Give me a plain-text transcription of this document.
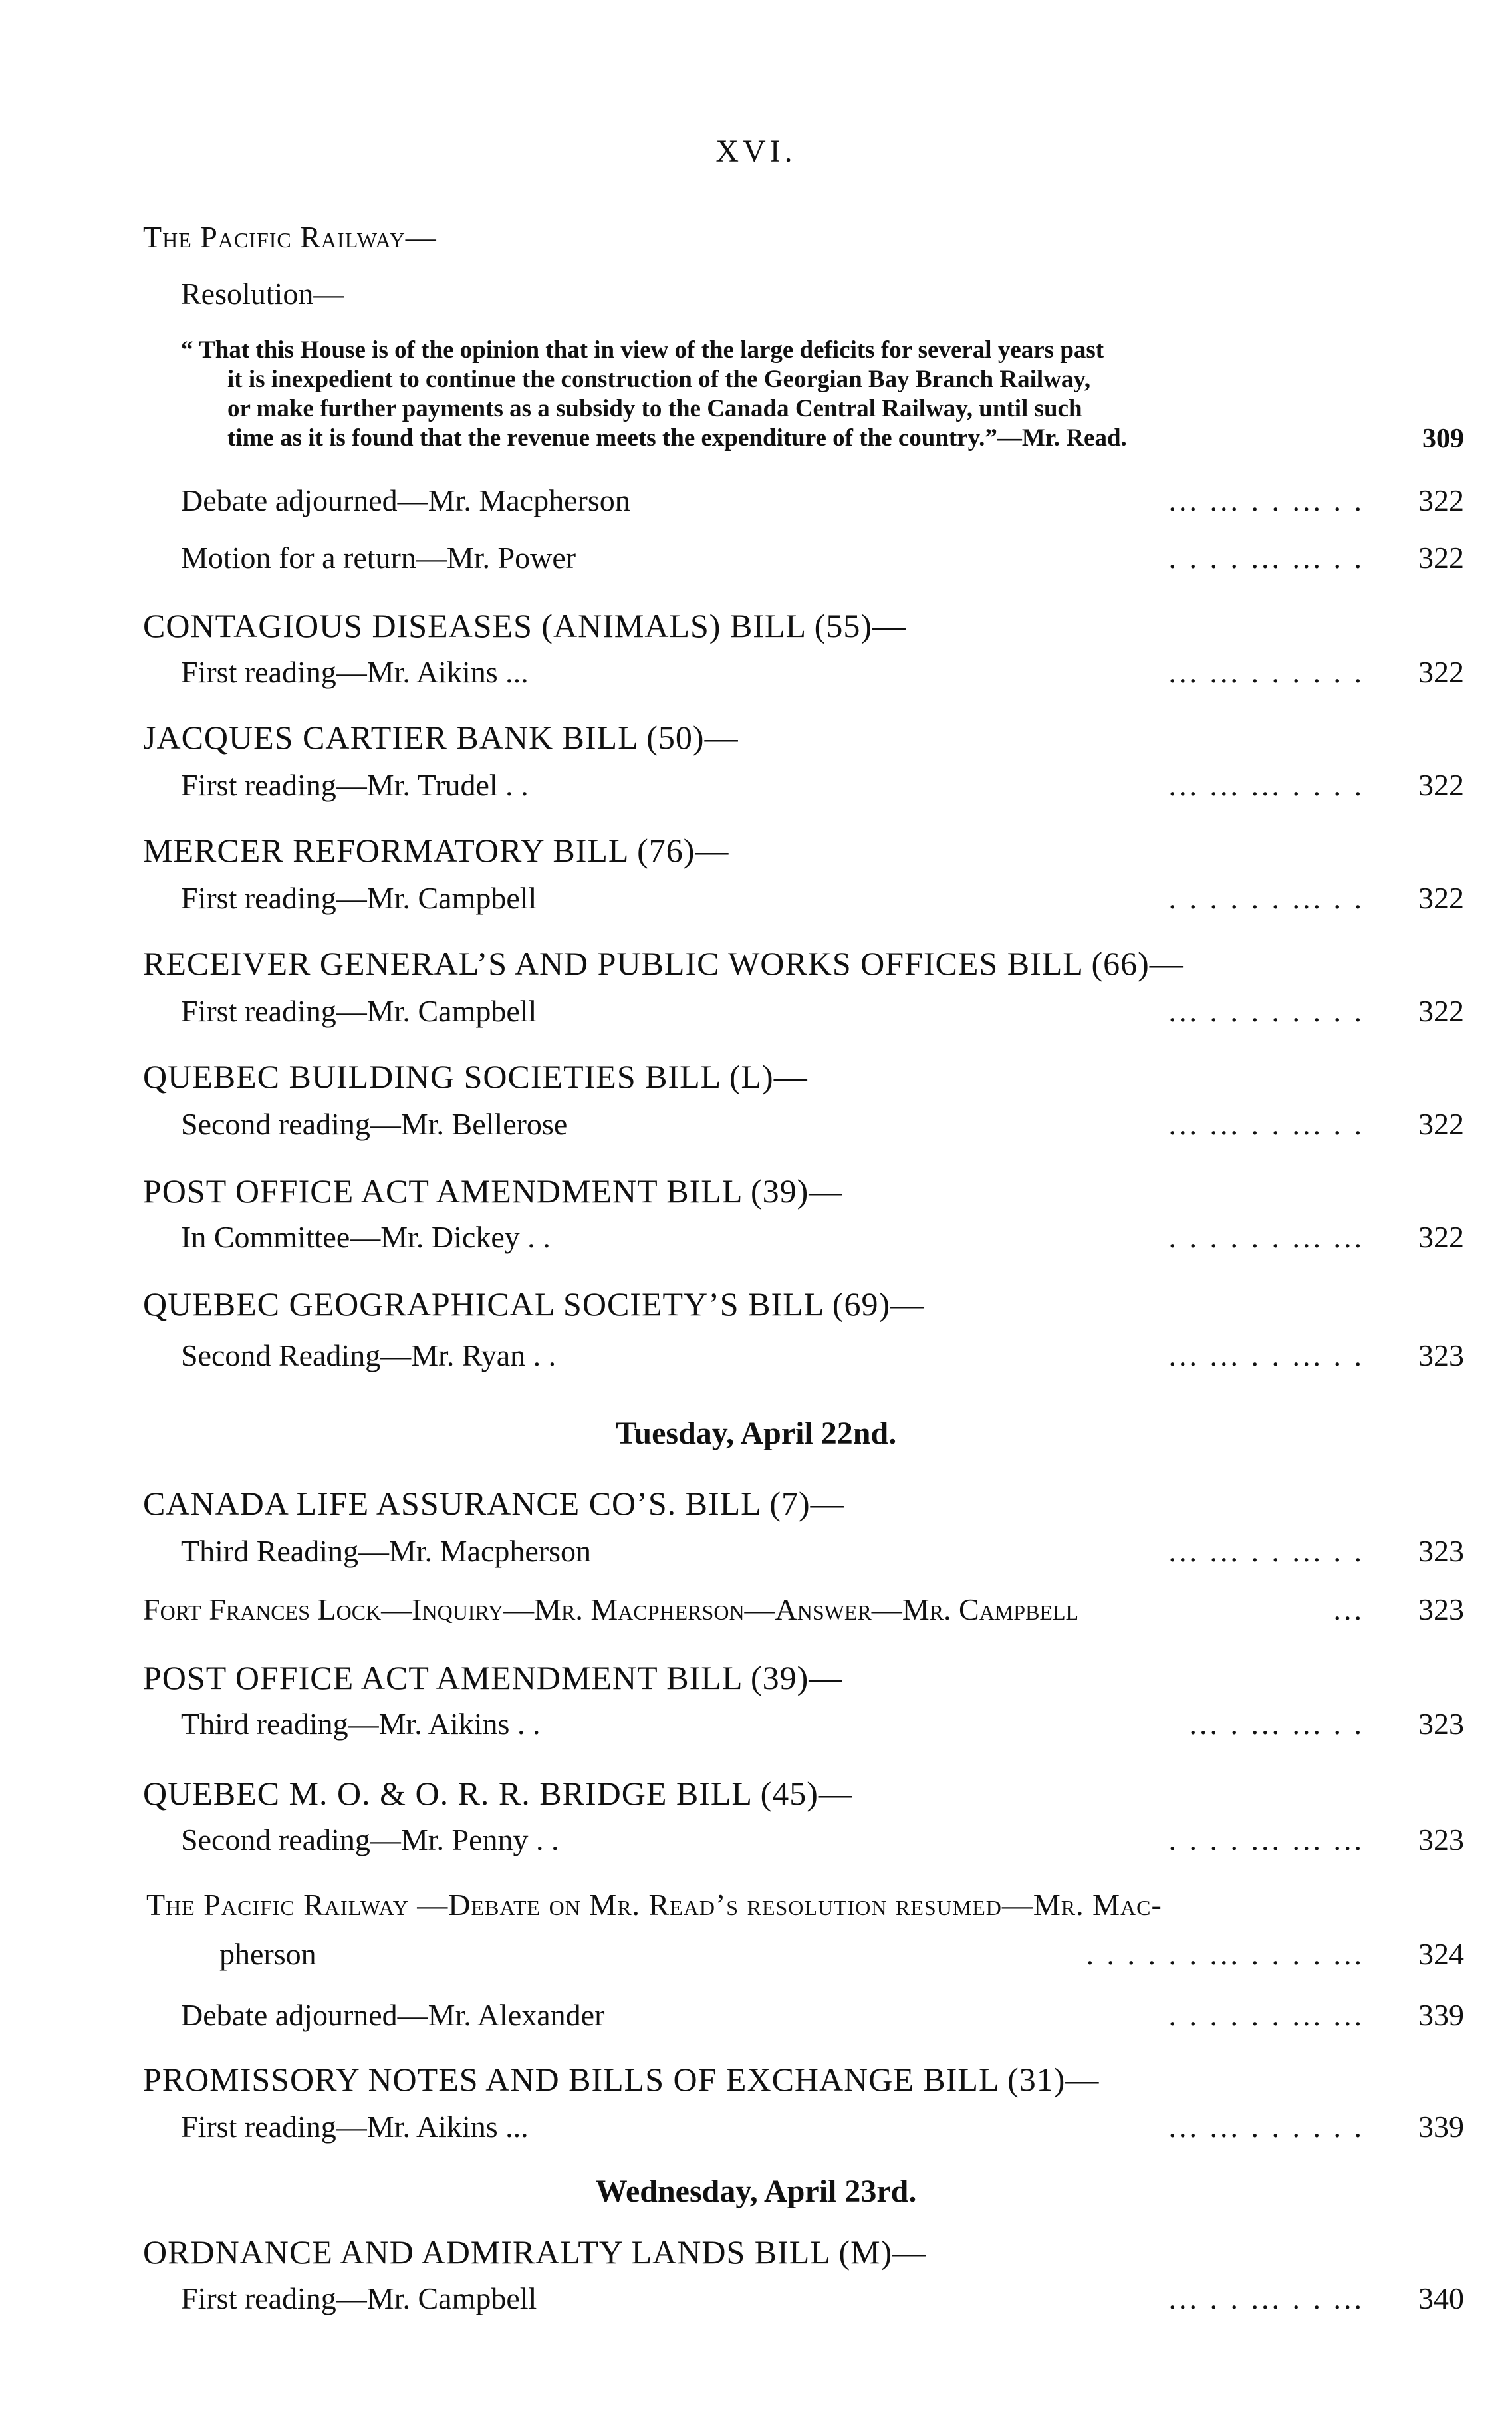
XVI.
The Pacific Railway—
Resolution—
“ That this House is of the opinion that in view of the large deficits for several years past
it is inexpedient to continue the construction of the Georgian Bay Branch Railway,
or make further payments as a subsidy to the Canada Central Railway, until such
time as it is found that the revenue meets the expenditure of the country.”—Mr. Read.	309
Debate adjourned—Mr. Macpherson	... ... . . ... . .	322
Motion for a return—Mr. Power	. . . . ... ... . .	322
CONTAGIOUS DISEASES (ANIMALS) BILL (55)—
First reading—Mr. Aikins ...	... ... . . . . . .	322
JACQUES CARTIER BANK BILL (50)—
First reading—Mr. Trudel . .	... ... ... . . . .	322
MERCER REFORMATORY BILL (76)—
First reading—Mr. Campbell	. . . . . . ... . .	322
RECEIVER GENERAL’S AND PUBLIC WORKS OFFICES BILL (66)—
First reading—Mr. Campbell	... . . . . . . . .	322
QUEBEC BUILDING SOCIETIES BILL (L)—
Second reading—Mr. Bellerose	... ... . . ... . .	322
POST OFFICE ACT AMENDMENT BILL (39)—
In Committee—Mr. Dickey . .	. . . . . . ... ...	322
QUEBEC GEOGRAPHICAL SOCIETY’S BILL (69)—
Second Reading—Mr. Ryan . .	... ... . . ... . .	323
Tuesday, April 22nd.
CANADA LIFE ASSURANCE CO’S. BILL (7)—
Third Reading—Mr. Macpherson	... ... . . ... . .	323
Fort Frances Lock—Inquiry—Mr. Macpherson—Answer—Mr. Campbell	...	323
POST OFFICE ACT AMENDMENT BILL (39)—
Third reading—Mr. Aikins . .	... . ... ... . .	323
QUEBEC M. O. & O. R. R. BRIDGE BILL (45)—
Second reading—Mr. Penny . .	. . . . ... ... ...	323
The Pacific Railway —Debate on Mr. Read’s resolution resumed—Mr. Mac-
pherson	. . . . . . ... . . . . ...	324
Debate adjourned—Mr. Alexander	. . . . . . ... ...	339
PROMISSORY NOTES AND BILLS OF EXCHANGE BILL (31)—
First reading—Mr. Aikins ...	... ... . . . . . .	339
Wednesday, April 23rd.
ORDNANCE AND ADMIRALTY LANDS BILL (M)—
First reading—Mr. Campbell	... . . ... . . ...	340
